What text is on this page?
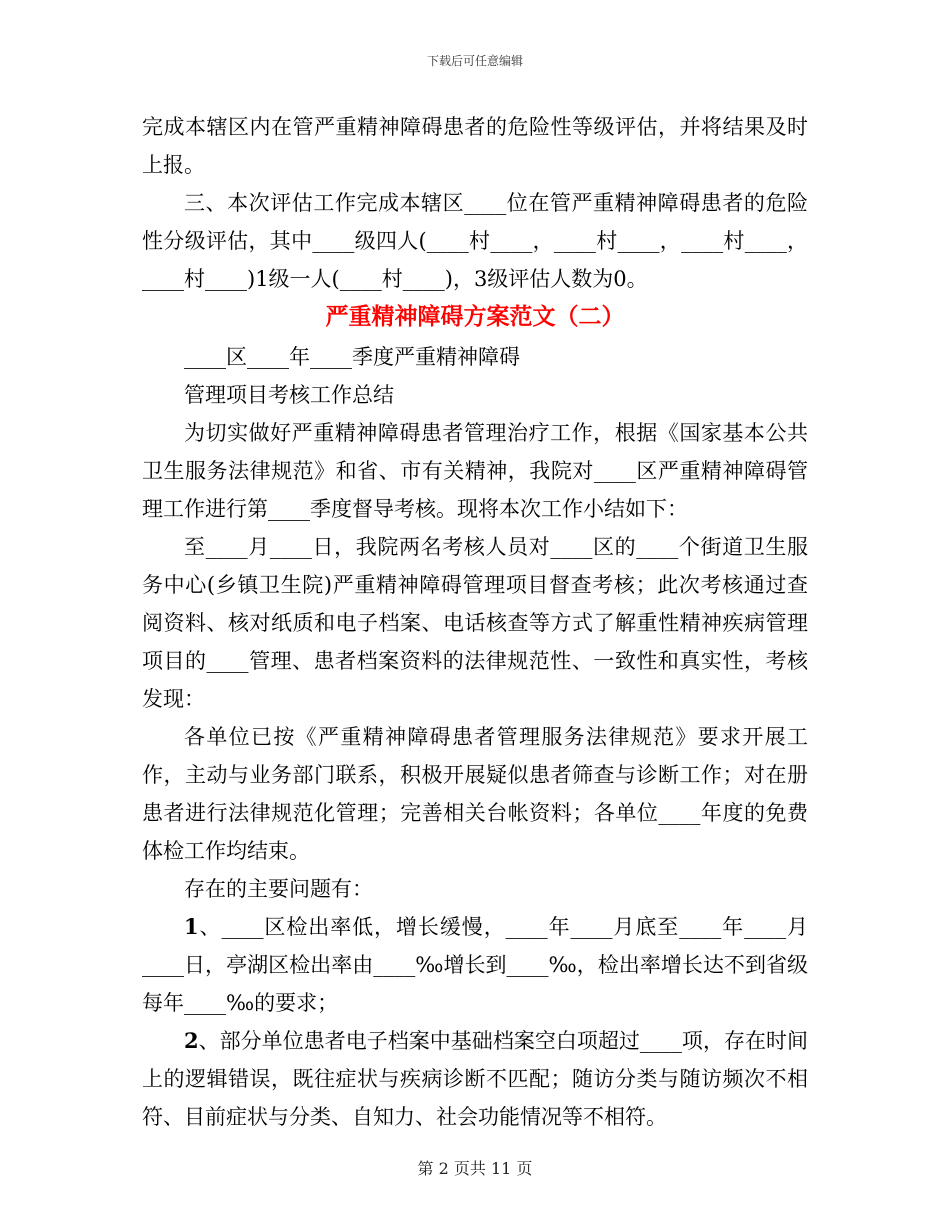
下载后可任意编辑

完成本辖区内在管严重精神障碍患者的危险性等级评估，并将结果及时上报。

三、本次评估工作完成本辖区____位在管严重精神障碍患者的危险性分级评估，其中____级四人(____村____，____村____，____村____，____村____)1级一人(____村____)，3级评估人数为0。

严重精神障碍方案范文（二）

____区____年____季度严重精神障碍

管理项目考核工作总结

为切实做好严重精神障碍患者管理治疗工作，根据《国家基本公共卫生服务法律规范》和省、市有关精神，我院对____区严重精神障碍管理工作进行第____季度督导考核。现将本次工作小结如下：

至____月____日，我院两名考核人员对____区的____个街道卫生服务中心(乡镇卫生院)严重精神障碍管理项目督查考核；此次考核通过查阅资料、核对纸质和电子档案、电话核查等方式了解重性精神疾病管理项目的____管理、患者档案资料的法律规范性、一致性和真实性，考核发现：

各单位已按《严重精神障碍患者管理服务法律规范》要求开展工作，主动与业务部门联系，积极开展疑似患者筛查与诊断工作；对在册患者进行法律规范化管理；完善相关台帐资料；各单位____年度的免费体检工作均结束。

存在的主要问题有：

1、____区检出率低，增长缓慢，____年____月底至____年____月____日，亭湖区检出率由____‰增长到____‰，检出率增长达不到省级每年____‰的要求；

2、部分单位患者电子档案中基础档案空白项超过____项，存在时间上的逻辑错误，既往症状与疾病诊断不匹配；随访分类与随访频次不相符、目前症状与分类、自知力、社会功能情况等不相符。

第 2 页共 11 页
